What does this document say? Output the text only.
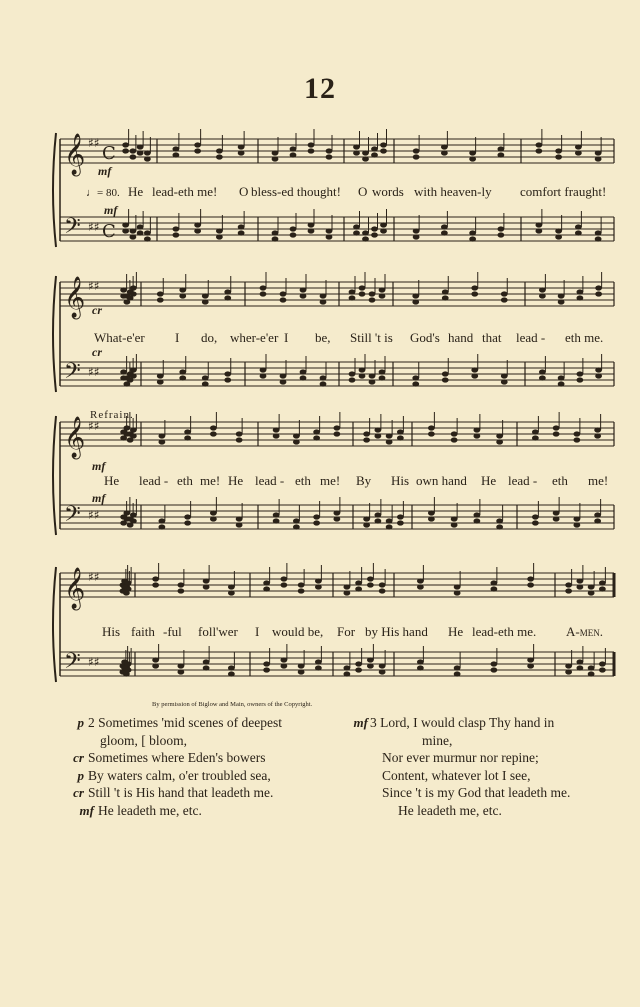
12
𝄞 ♯♯ C
𝄢 ♯♯ C
𝄞 ♯♯
𝄢 ♯♯
𝄞 ♯♯
𝄢 ♯♯
𝄞 ♯♯
𝄢 ♯♯
mf
♩= 80.
mf
He lead-eth me! O bless-ed thought! O words with heaven-ly comfort fraught!
cr
cr
What-e'er I do, wher-e'er I be, Still 't is God's hand that lead - eth me.
Refrain.
mf
mf
He lead - eth me! He lead - eth me! By His own hand He lead - eth me!
His faith -ful foll'wer I would be, For by His hand He lead-eth me. A-men.
By permission of Biglow and Main, owners of the Copyright.
p 2 Sometimes 'mid scenes of deepest
gloom, [ bloom,
cr Sometimes where Eden's bowers
p By waters calm, o'er troubled sea,
cr Still 't is His hand that leadeth me.
mf He leadeth me, etc.
mf 3 Lord, I would clasp Thy hand in
mine,
Nor ever murmur nor repine;
Content, whatever lot I see,
Since 't is my God that leadeth me.
He leadeth me, etc.
